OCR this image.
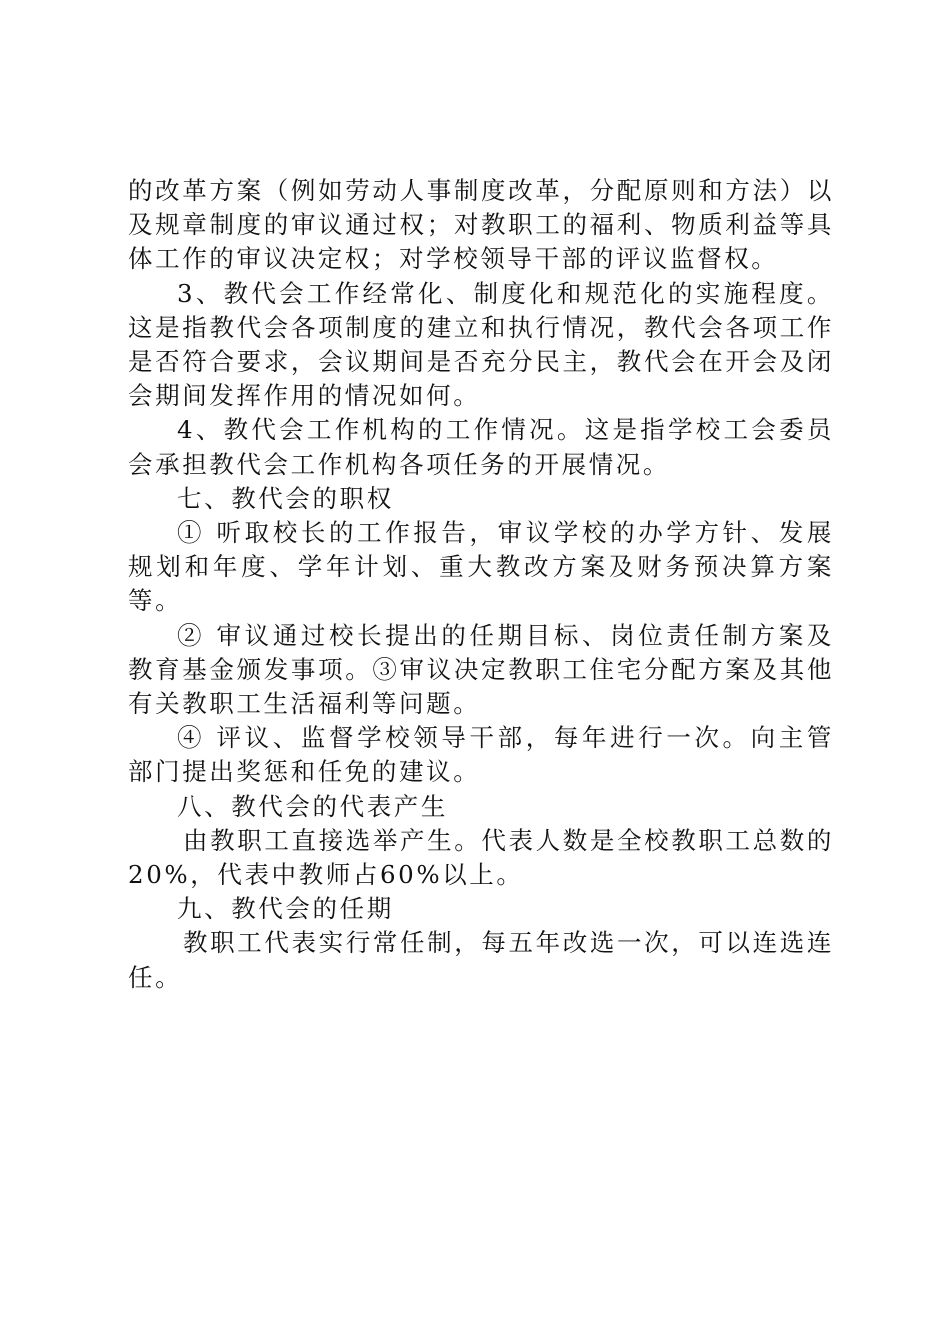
的改革方案（例如劳动人事制度改革，分配原则和方法）以及规章制度的审议通过权；对教职工的福利、物质利益等具体工作的审议决定权；对学校领导干部的评议监督权。

3、教代会工作经常化、制度化和规范化的实施程度。这是指教代会各项制度的建立和执行情况，教代会各项工作是否符合要求，会议期间是否充分民主，教代会在开会及闭会期间发挥作用的情况如何。

4、教代会工作机构的工作情况。这是指学校工会委员会承担教代会工作机构各项任务的开展情况。

七、教代会的职权

① 听取校长的工作报告，审议学校的办学方针、发展规划和年度、学年计划、重大教改方案及财务预决算方案等。

② 审议通过校长提出的任期目标、岗位责任制方案及教育基金颁发事项。③审议决定教职工住宅分配方案及其他有关教职工生活福利等问题。

④ 评议、监督学校领导干部，每年进行一次。向主管部门提出奖惩和任免的建议。

八、教代会的代表产生

由教职工直接选举产生。代表人数是全校教职工总数的20%，代表中教师占60%以上。

九、教代会的任期

教职工代表实行常任制，每五年改选一次，可以连选连任。
